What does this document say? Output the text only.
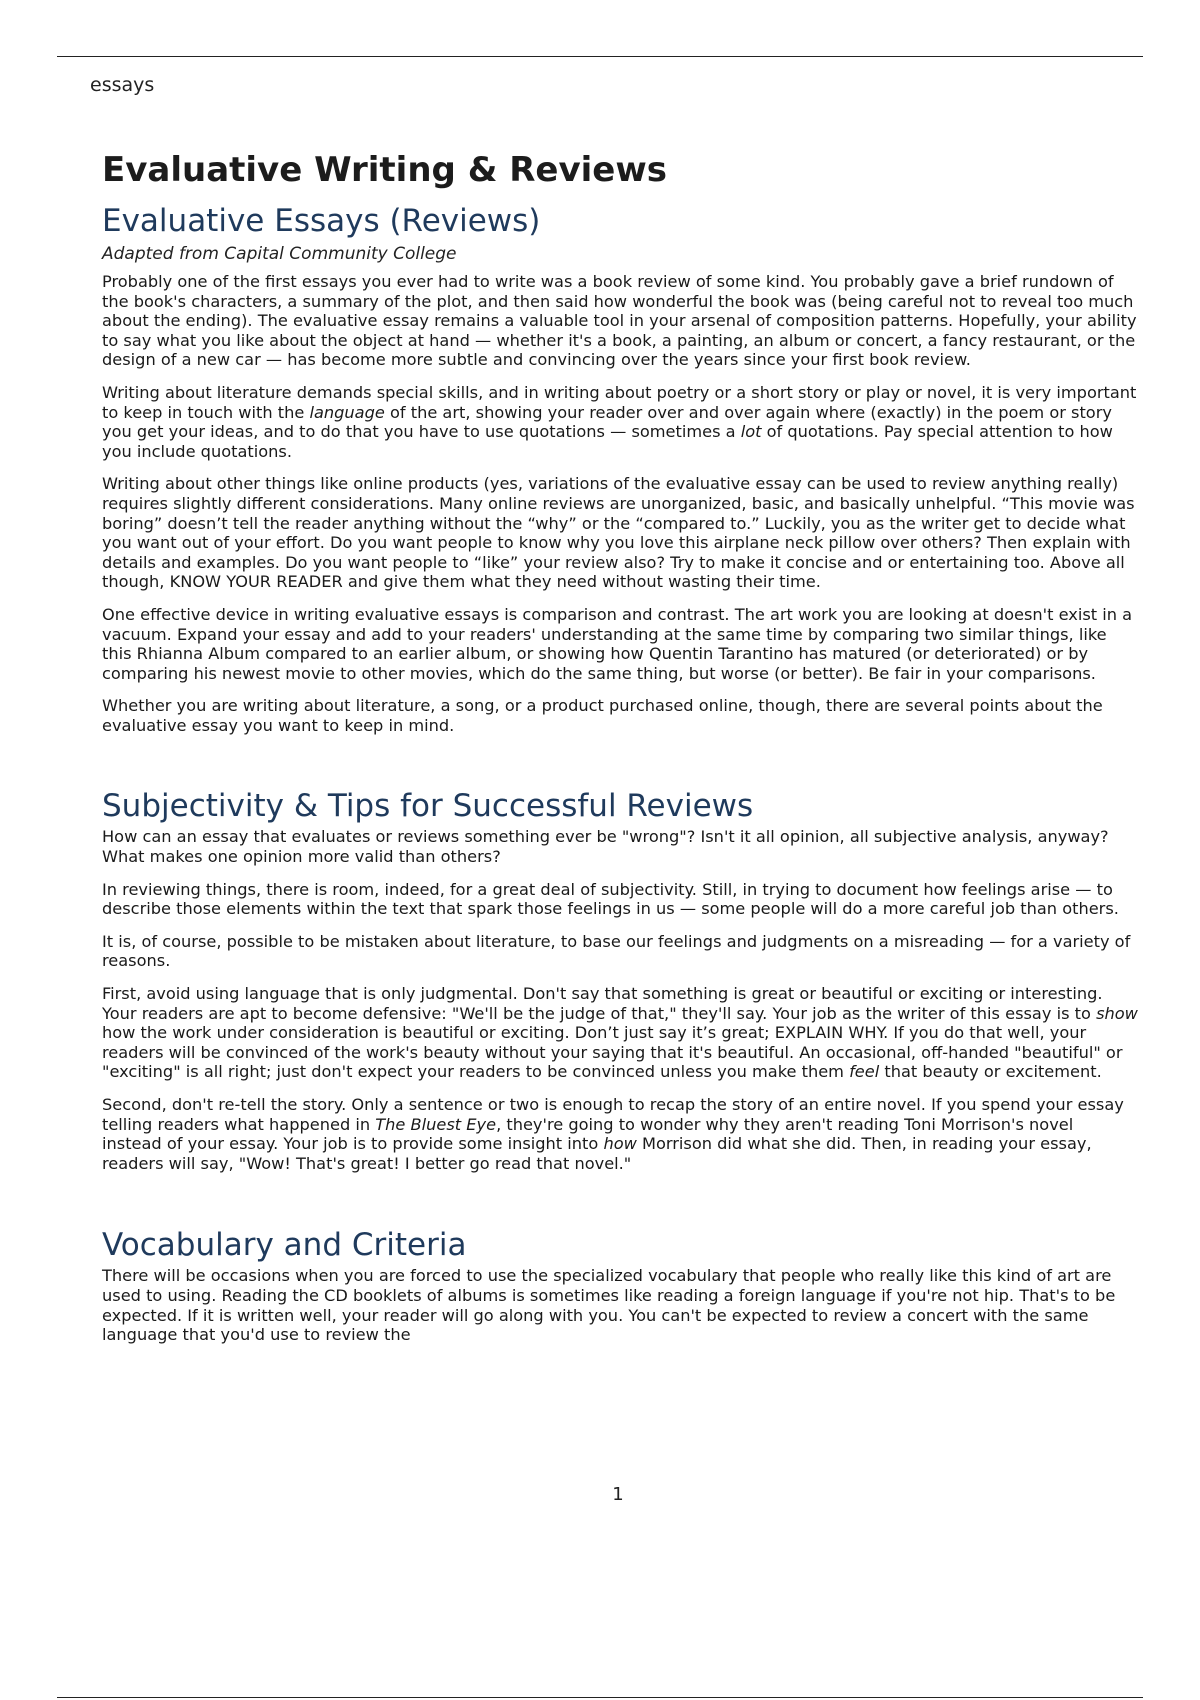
essays
Evaluative Writing & Reviews
Evaluative Essays (Reviews)
Adapted from Capital Community College

Probably one of the first essays you ever had to write was a book review of some kind. You probably gave a brief rundown of the book's characters, a summary of the plot, and then said how wonderful the book was (being careful not to reveal too much about the ending). The evaluative essay remains a valuable tool in your arsenal of composition patterns. Hopefully, your ability to say what you like about the object at hand — whether it's a book, a painting, an album or concert, a fancy restaurant, or the design of a new car — has become more subtle and convincing over the years since your first book review.

Writing about literature demands special skills, and in writing about poetry or a short story or play or novel, it is very important to keep in touch with the language of the art, showing your reader over and over again where (exactly) in the poem or story you get your ideas, and to do that you have to use quotations — sometimes a lot of quotations. Pay special attention to how you include quotations.

Writing about other things like online products (yes, variations of the evaluative essay can be used to review anything really) requires slightly different considerations. Many online reviews are unorganized, basic, and basically unhelpful. “This movie was boring” doesn’t tell the reader anything without the “why” or the “compared to.” Luckily, you as the writer get to decide what you want out of your effort. Do you want people to know why you love this airplane neck pillow over others? Then explain with details and examples. Do you want people to “like” your review also? Try to make it concise and or entertaining too. Above all though, KNOW YOUR READER and give them what they need without wasting their time.

One effective device in writing evaluative essays is comparison and contrast. The art work you are looking at doesn't exist in a vacuum. Expand your essay and add to your readers' understanding at the same time by comparing two similar things, like this Rhianna Album compared to an earlier album, or showing how Quentin Tarantino has matured (or deteriorated) or by comparing his newest movie to other movies, which do the same thing, but worse (or better). Be fair in your comparisons.

Whether you are writing about literature, a song, or a product purchased online, though, there are several points about the evaluative essay you want to keep in mind.

Subjectivity & Tips for Successful Reviews

How can an essay that evaluates or reviews something ever be "wrong"? Isn't it all opinion, all subjective analysis, anyway? What makes one opinion more valid than others?

In reviewing things, there is room, indeed, for a great deal of subjectivity. Still, in trying to document how feelings arise — to describe those elements within the text that spark those feelings in us — some people will do a more careful job than others.

It is, of course, possible to be mistaken about literature, to base our feelings and judgments on a misreading — for a variety of reasons.

First, avoid using language that is only judgmental. Don't say that something is great or beautiful or exciting or interesting. Your readers are apt to become defensive: "We'll be the judge of that," they'll say. Your job as the writer of this essay is to show how the work under consideration is beautiful or exciting. Don’t just say it’s great; EXPLAIN WHY. If you do that well, your readers will be convinced of the work's beauty without your saying that it's beautiful. An occasional, off-handed "beautiful" or "exciting" is all right; just don't expect your readers to be convinced unless you make them feel that beauty or excitement.

Second, don't re-tell the story. Only a sentence or two is enough to recap the story of an entire novel. If you spend your essay telling readers what happened in The Bluest Eye, they're going to wonder why they aren't reading Toni Morrison's novel instead of your essay. Your job is to provide some insight into how Morrison did what she did. Then, in reading your essay, readers will say, "Wow! That's great! I better go read that novel."

Vocabulary and Criteria

There will be occasions when you are forced to use the specialized vocabulary that people who really like this kind of art are used to using. Reading the CD booklets of albums is sometimes like reading a foreign language if you're not hip. That's to be expected. If it is written well, your reader will go along with you. You can't be expected to review a concert with the same language that you'd use to review the

1
